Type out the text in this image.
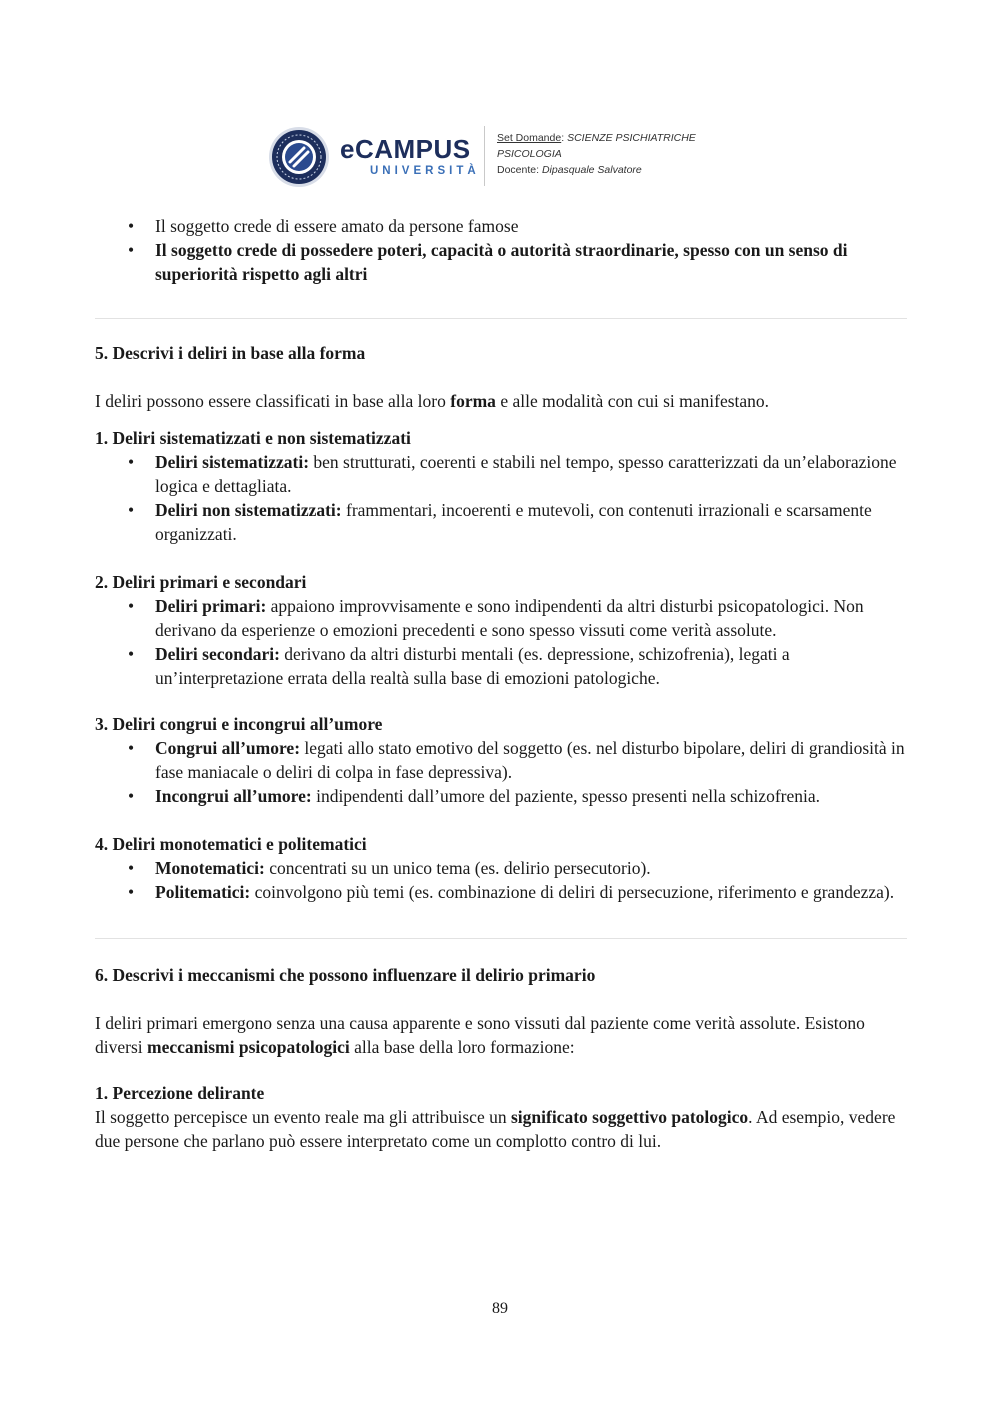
eCAMPUS
UNIVERSITÀ
Set Domande: SCIENZE PSICHIATRICHE
PSICOLOGIA
Docente: Dipasquale Salvatore
• Il soggetto crede di essere amato da persone famose
• Il soggetto crede di possedere poteri, capacità o autorità straordinarie, spesso con un senso di superiorità rispetto agli altri

5. Descrivi i deliri in base alla forma

I deliri possono essere classificati in base alla loro forma e alle modalità con cui si manifestano.

1. Deliri sistematizzati e non sistematizzati

• Deliri sistematizzati: ben strutturati, coerenti e stabili nel tempo, spesso caratterizzati da un’elaborazione logica e dettagliata.
• Deliri non sistematizzati: frammentari, incoerenti e mutevoli, con contenuti irrazionali e scarsamente organizzati.

2. Deliri primari e secondari

• Deliri primari: appaiono improvvisamente e sono indipendenti da altri disturbi psicopatologici. Non derivano da esperienze o emozioni precedenti e sono spesso vissuti come verità assolute.
• Deliri secondari: derivano da altri disturbi mentali (es. depressione, schizofrenia), legati a un’interpretazione errata della realtà sulla base di emozioni patologiche.

3. Deliri congrui e incongrui all’umore

• Congrui all’umore: legati allo stato emotivo del soggetto (es. nel disturbo bipolare, deliri di grandiosità in fase maniacale o deliri di colpa in fase depressiva).
• Incongrui all’umore: indipendenti dall’umore del paziente, spesso presenti nella schizofrenia.

4. Deliri monotematici e politematici

• Monotematici: concentrati su un unico tema (es. delirio persecutorio).
• Politematici: coinvolgono più temi (es. combinazione di deliri di persecuzione, riferimento e grandezza).

6. Descrivi i meccanismi che possono influenzare il delirio primario

I deliri primari emergono senza una causa apparente e sono vissuti dal paziente come verità assolute. Esistono diversi meccanismi psicopatologici alla base della loro formazione:

1. Percezione delirante

Il soggetto percepisce un evento reale ma gli attribuisce un significato soggettivo patologico. Ad esempio, vedere due persone che parlano può essere interpretato come un complotto contro di lui.

89
